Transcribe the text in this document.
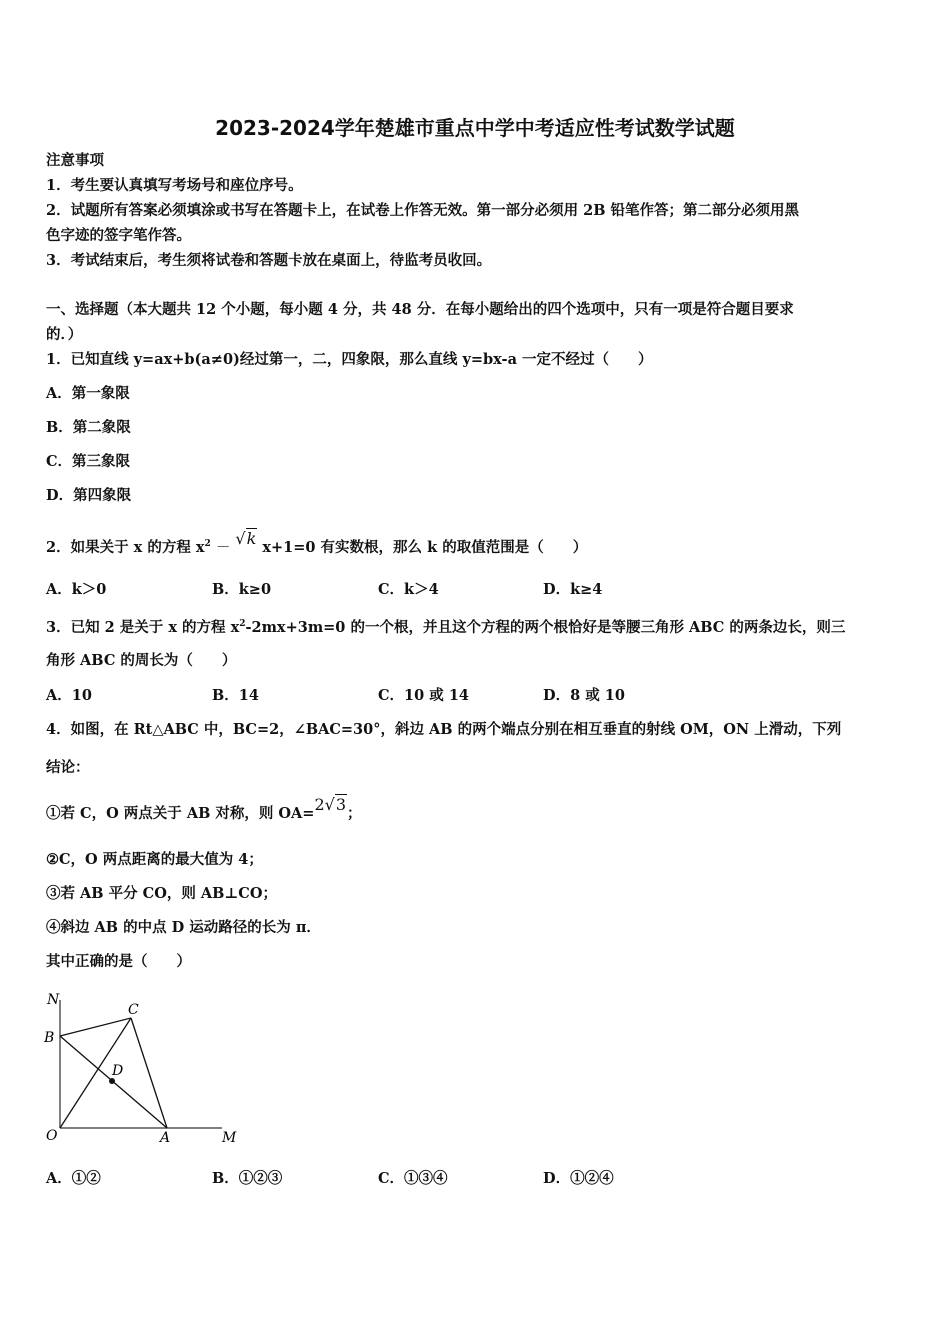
2023-2024学年楚雄市重点中学中考适应性考试数学试题
注意事项
1．考生要认真填写考场号和座位序号。
2．试题所有答案必须填涂或书写在答题卡上，在试卷上作答无效。第一部分必须用 2B 铅笔作答；第二部分必须用黑
色字迹的签字笔作答。
3．考试结束后，考生须将试卷和答题卡放在桌面上，待监考员收回。
一、选择题（本大题共 12 个小题，每小题 4 分，共 48 分．在每小题给出的四个选项中，只有一项是符合题目要求
的．）
1．已知直线 y=ax+b(a≠0)经过第一，二，四象限，那么直线 y=bx-a 一定不经过（　　）
A．第一象限
B．第二象限
C．第三象限
D．第四象限
2．如果关于 x 的方程 $x^2 - √k$ x+1=0 有实数根，那么 k 的取值范围是（　　）
A．k＞0	B．k≥0	C．k＞4	D．k≥4
3．已知 2 是关于 x 的方程 $x^2-2mx+3m=0$ 的一个根，并且这个方程的两个根恰好是等腰三角形 ABC 的两条边长，则三
角形 ABC 的周长为（　　）
A．10	B．14	C．10 或 14	D．8 或 10
4．如图，在 Rt△ABC 中，BC=2，∠BAC=30°，斜边 AB 的两个端点分别在相互垂直的射线 OM，ON 上滑动，下列
结论：
①若 C，O 两点关于 AB 对称，则 OA=2√3；
②C，O 两点距离的最大值为 4；
③若 AB 平分 CO，则 AB⊥CO；
④斜边 AB 的中点 D 运动路径的长为 π．
其中正确的是（　　）
N
C
B
D
O	A	M
A．①②	B．①②③	C．①③④	D．①②④
